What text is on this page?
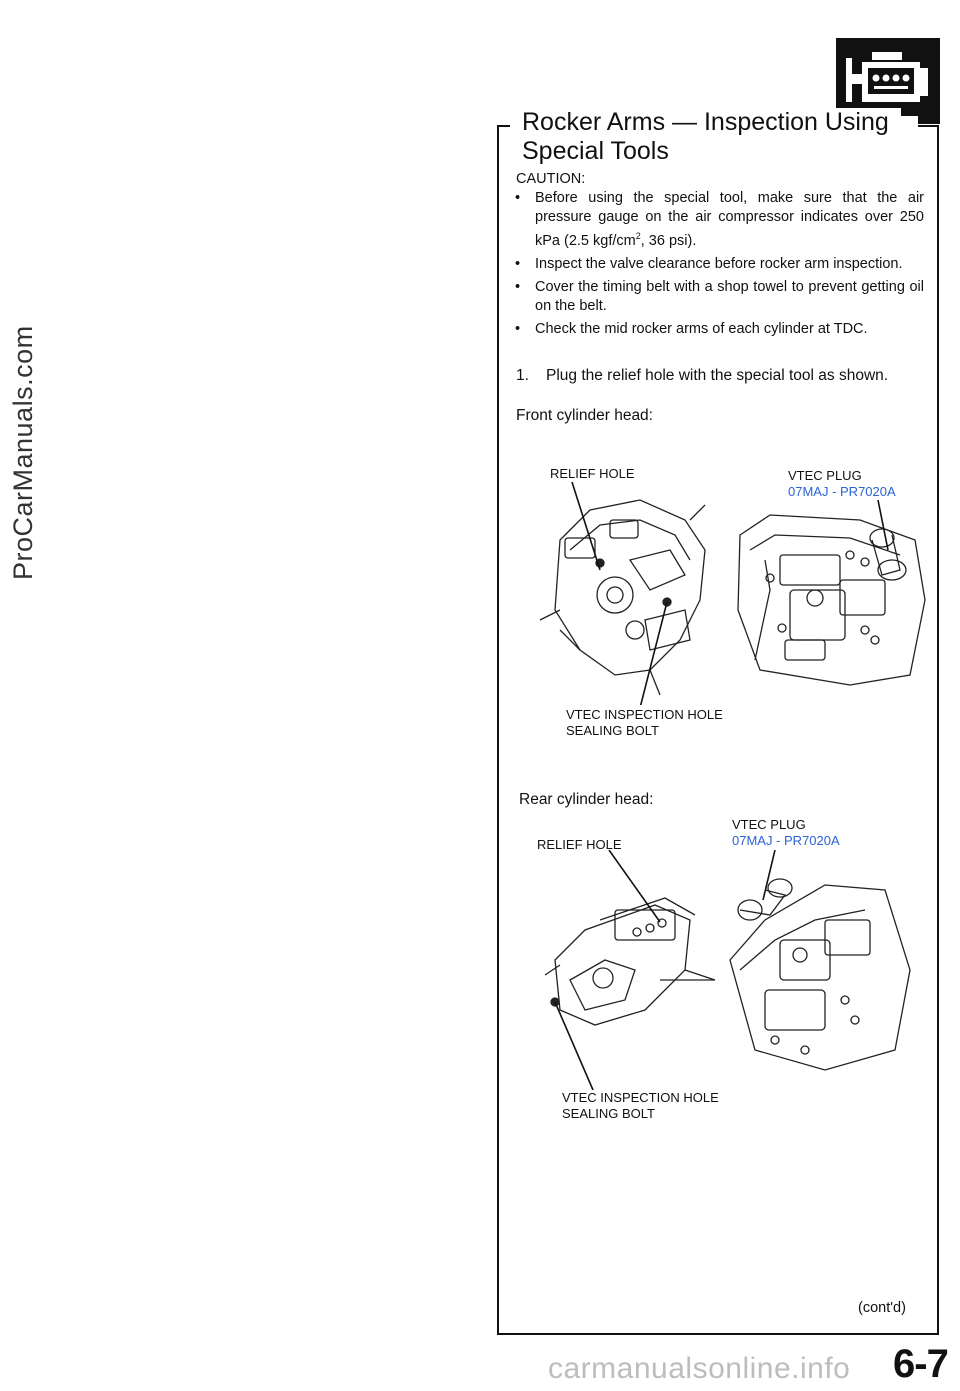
ProCarManuals.com
Rocker Arms — Inspection Using
Special Tools
CAUTION:
• Before using the special tool, make sure that the air pressure gauge on the air compressor indicates over 250 kPa (2.5 kgf/$cm^2$, 36 psi).
• Inspect the valve clearance before rocker arm inspection.
• Cover the timing belt with a shop towel to prevent getting oil on the belt.
• Check the mid rocker arms of each cylinder at TDC.
1. Plug the relief hole with the special tool as shown.
Front cylinder head:
RELIEF HOLE	VTEC PLUG
07MAJ - PR7020A
VTEC INSPECTION HOLE
SEALING BOLT
Rear cylinder head:
VTEC PLUG
07MAJ - PR7020A
RELIEF HOLE
VTEC INSPECTION HOLE
SEALING BOLT
(cont'd)
carmanualsonline.info 6-7
